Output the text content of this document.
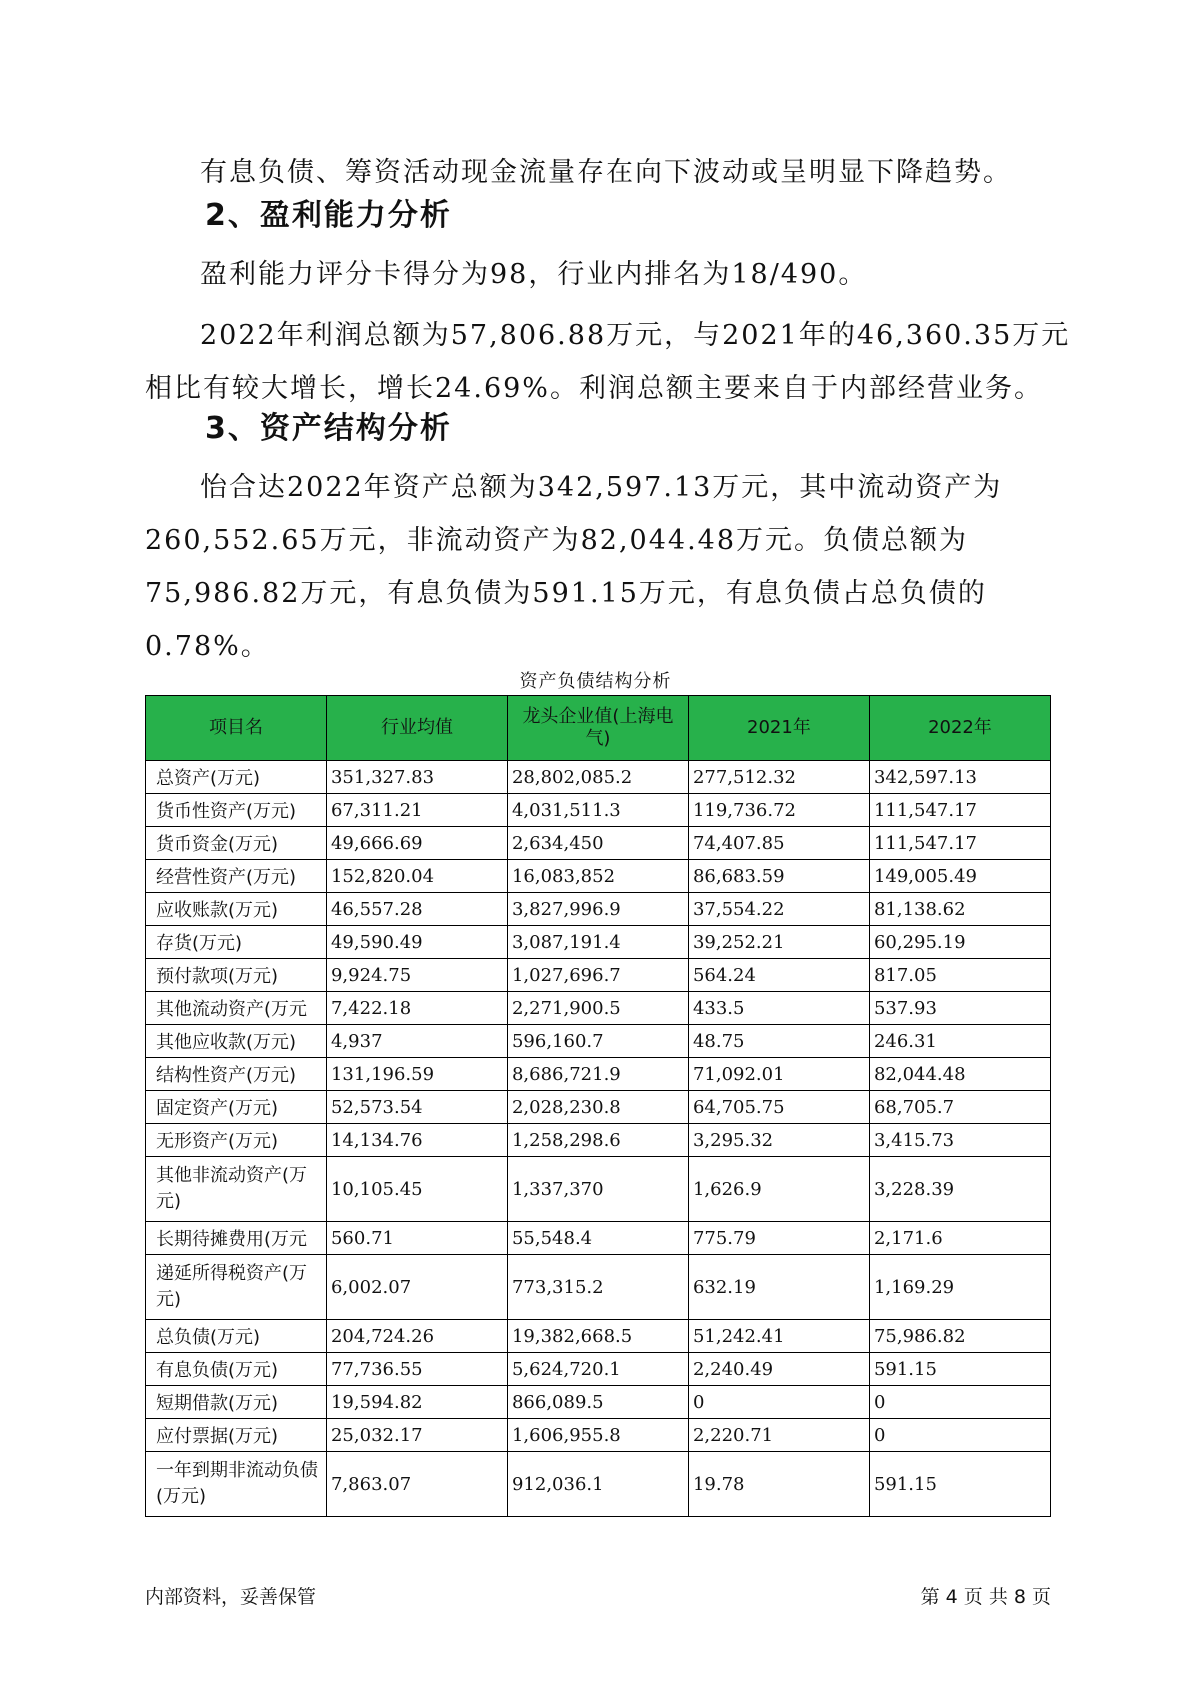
有息负债、筹资活动现金流量存在向下波动或呈明显下降趋势。

2、盈利能力分析

盈利能力评分卡得分为98，行业内排名为18/490。

2022年利润总额为57,806.88万元，与2021年的46,360.35万元相比有较大增长，增长24.69%。利润总额主要来自于内部经营业务。

3、资产结构分析

怡合达2022年资产总额为342,597.13万元，其中流动资产为260,552.65万元，非流动资产为82,044.48万元。负债总额为75,986.82万元，有息负债为591.15万元，有息负债占总负债的0.78%。

资产负债结构分析
项目名	行业均值	龙头企业值(上海电气)	2021年	2022年
总资产(万元)	351,327.83	28,802,085.2	277,512.32	342,597.13
货币性资产(万元)	67,311.21	4,031,511.3	119,736.72	111,547.17
货币资金(万元)	49,666.69	2,634,450	74,407.85	111,547.17
经营性资产(万元)	152,820.04	16,083,852	86,683.59	149,005.49
应收账款(万元)	46,557.28	3,827,996.9	37,554.22	81,138.62
存货(万元)	49,590.49	3,087,191.4	39,252.21	60,295.19
预付款项(万元)	9,924.75	1,027,696.7	564.24	817.05
其他流动资产(万元	7,422.18	2,271,900.5	433.5	537.93
其他应收款(万元)	4,937	596,160.7	48.75	246.31
结构性资产(万元)	131,196.59	8,686,721.9	71,092.01	82,044.48
固定资产(万元)	52,573.54	2,028,230.8	64,705.75	68,705.7
无形资产(万元)	14,134.76	1,258,298.6	3,295.32	3,415.73
其他非流动资产(万元)	10,105.45	1,337,370	1,626.9	3,228.39
长期待摊费用(万元	560.71	55,548.4	775.79	2,171.6
递延所得税资产(万元)	6,002.07	773,315.2	632.19	1,169.29
总负债(万元)	204,724.26	19,382,668.5	51,242.41	75,986.82
有息负债(万元)	77,736.55	5,624,720.1	2,240.49	591.15
短期借款(万元)	19,594.82	866,089.5	0	0
应付票据(万元)	25,032.17	1,606,955.8	2,220.71	0
一年到期非流动负债(万元)	7,863.07	912,036.1	19.78	591.15
内部资料，妥善保管	第 4 页 共 8 页
